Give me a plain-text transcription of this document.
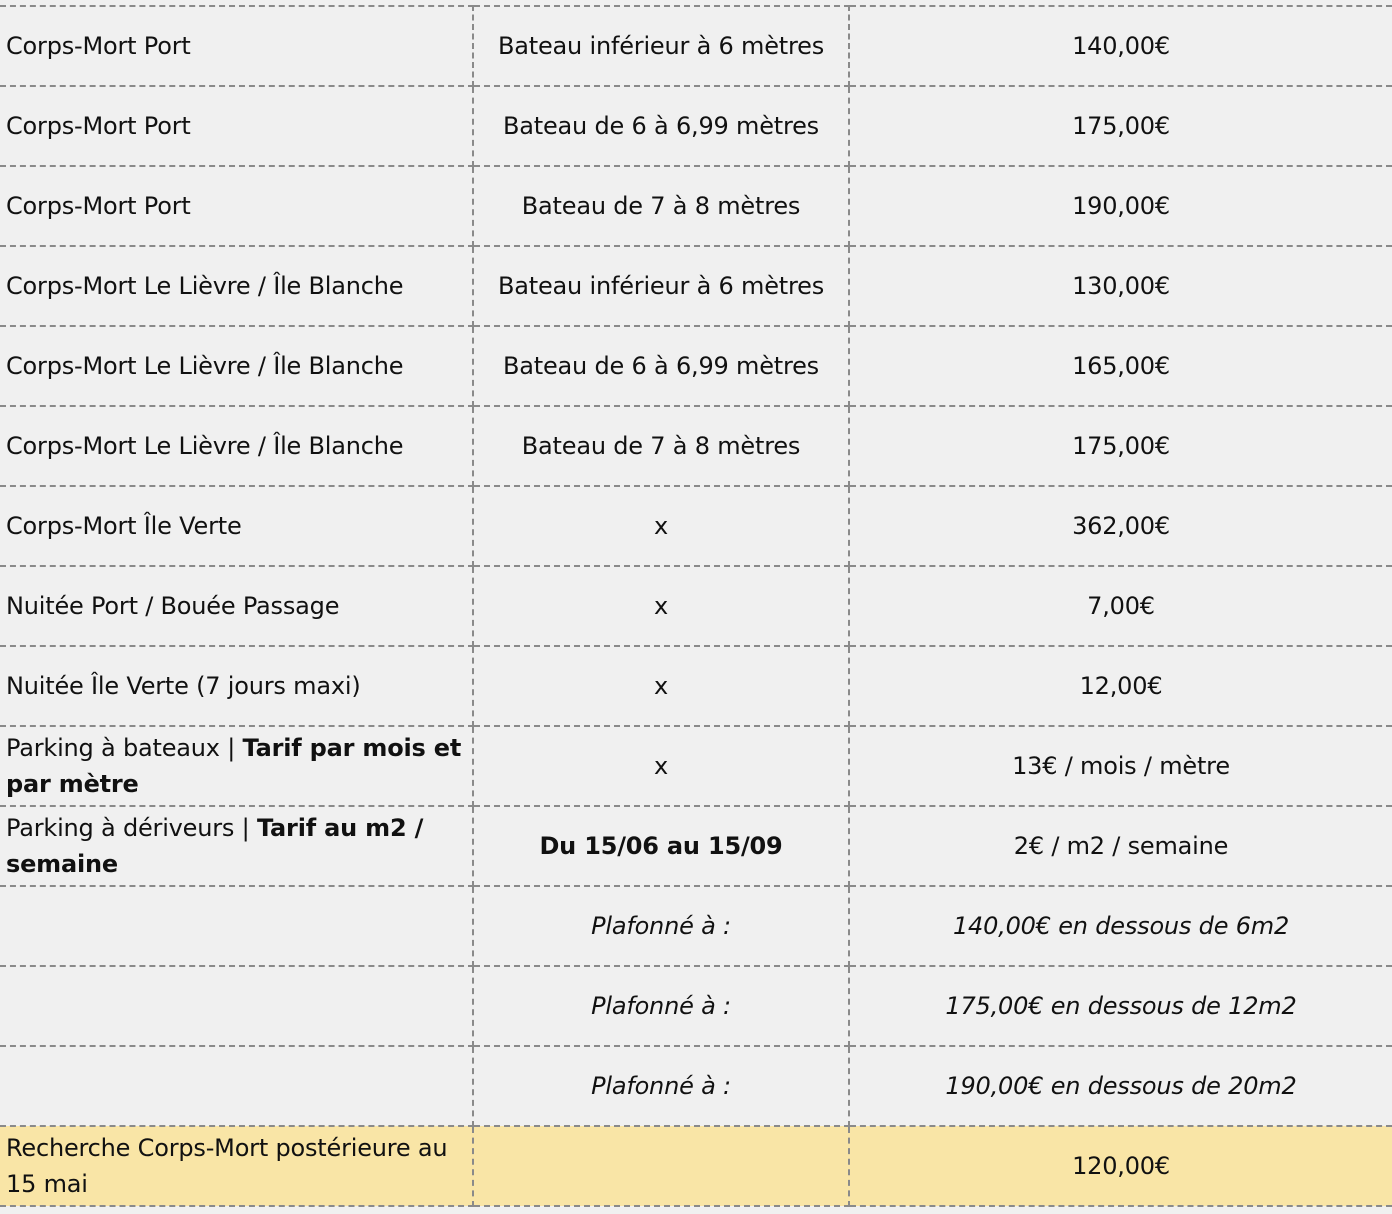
Corps-Mort Port	Bateau inférieur à 6 mètres	140,00€
Corps-Mort Port	Bateau de 6 à 6,99 mètres	175,00€
Corps-Mort Port	Bateau de 7 à 8 mètres	190,00€
Corps-Mort Le Lièvre / Île Blanche	Bateau inférieur à 6 mètres	130,00€
Corps-Mort Le Lièvre / Île Blanche	Bateau de 6 à 6,99 mètres	165,00€
Corps-Mort Le Lièvre / Île Blanche	Bateau de 7 à 8 mètres	175,00€
Corps-Mort Île Verte	x	362,00€
Nuitée Port / Bouée Passage	x	7,00€
Nuitée Île Verte (7 jours maxi)	x	12,00€
Parking à bateaux | Tarif par mois et par mètre	x	13€ / mois / mètre
Parking à dériveurs | Tarif au m2 / semaine	Du 15/06 au 15/09	2€ / m2 / semaine
	Plafonné à :	140,00€ en dessous de 6m2
	Plafonné à :	175,00€ en dessous de 12m2
	Plafonné à :	190,00€ en dessous de 20m2
Recherche Corps-Mort postérieure au 15 mai		120,00€
